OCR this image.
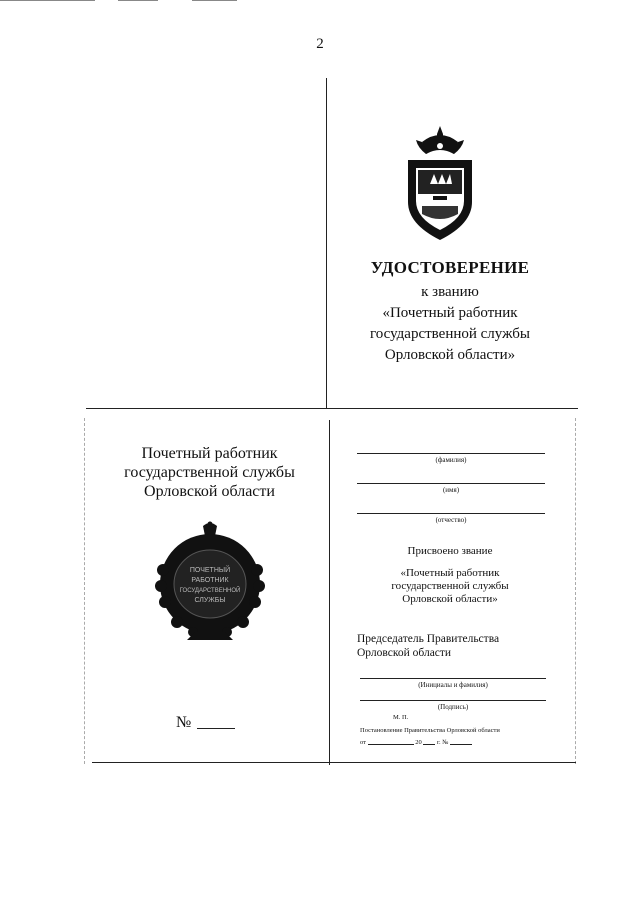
2
УДОСТОВЕРЕНИЕ
к званию
«Почетный работник
государственной службы
Орловской области»
Почетный работник
государственной службы
Орловской области
ПОЧЕТНЫЙ
РАБОТНИК
ГОСУДАРСТВЕННОЙ
СЛУЖБЫ
№
(фамилия)
(имя)
(отчество)
Присвоено звание
«Почетный работник
государственной службы
Орловской области»
Председатель Правительства
Орловской области
(Инициалы и фамилия)
(Подпись)
М. П.
Постановление Правительства Орловской области
от	20 г. №
